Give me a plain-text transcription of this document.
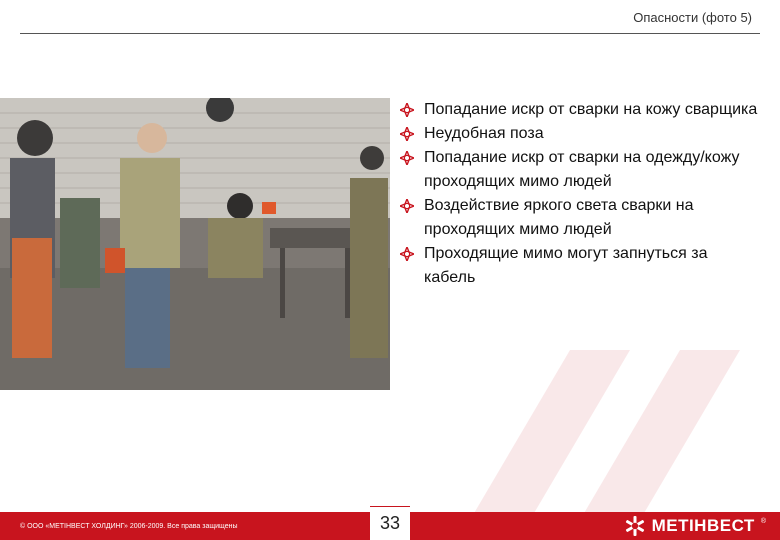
Опасности (фото 5)
Попадание искр от сварки на кожу сварщика
Неудобная поза
Попадание искр от сварки на одежду/кожу проходящих мимо людей
Воздействие яркого света сварки на проходящих мимо людей
Проходящие мимо могут запнуться за кабель
© ООО «МЕТІНВЕСТ ХОЛДИНГ» 2006-2009. Все права защищены	МЕТІНВЕСТ ®
33
